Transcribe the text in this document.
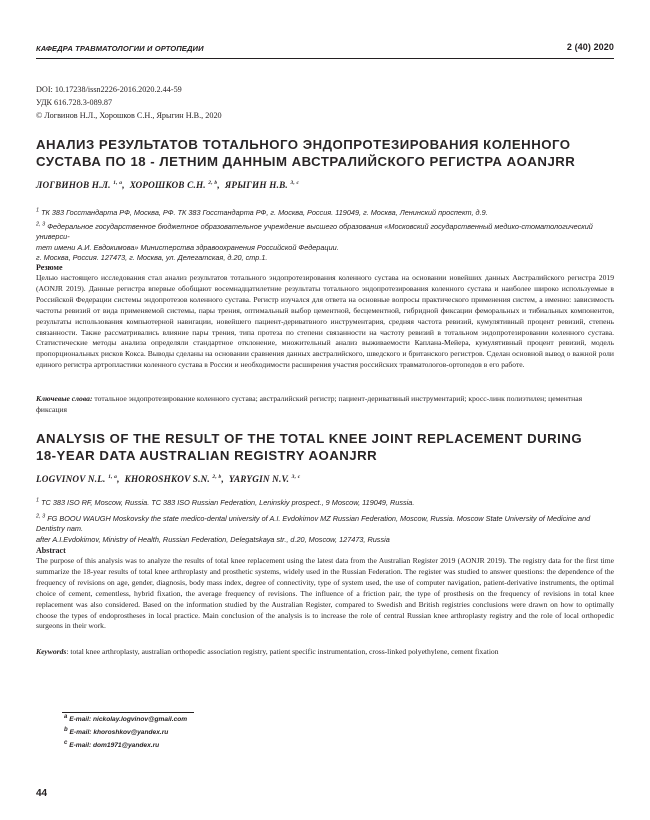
КАФЕДРА ТРАВМАТОЛОГИИ И ОРТОПЕДИИ	2 (40) 2020
DOI: 10.17238/issn2226-2016.2020.2.44-59
УДК 616.728.3-089.87
© Логвинов Н.Л., Хорошков С.Н., Ярыгин Н.В., 2020
АНАЛИЗ РЕЗУЛЬТАТОВ ТОТАЛЬНОГО ЭНДОПРОТЕЗИРОВАНИЯ КОЛЕННОГО
СУСТАВА ПО 18 - ЛЕТНИМ ДАННЫМ АВСТРАЛИЙСКОГО РЕГИСТРА AOANJRR
ЛОГВИНОВ Н.Л. $^{1, a}$,  ХОРОШКОВ С.Н. $^{2, b}$,  ЯРЫГИН Н.В. $^{3, c}$
$^1$ ТК 383 Госстандарта РФ, Москва, РФ. ТК 383 Госстандарта РФ, г. Москва, Россия. 119049, г. Москва, Ленинский проспект, д.9.
$^{2, 3}$ Федеральное государственное бюджетное образовательное учреждение высшего образования «Московский государственный медико-стоматологический универси-
тет имени А.И. Евдокимова» Министерства здравоохранения Российской Федерации.
г. Москва, Россия. 127473, г. Москва, ул. Делегатская, д.20, стр.1.
Резюме
Целью настоящего исследования стал анализ результатов тотального эндопротезирования коленного сустава на основании новейших данных Австралийского регистра 2019 (AONJR 2019). Данные регистра впервые обобщают восемнадцатилетние результаты тотального эндопротезирования коленного сустава и наиболее широко используемые в Российской Федерации системы эндопротезов коленного сустава. Регистр изучался для ответа на основные вопросы практического применения систем, а именно: зависимость частоты ревизий от вида применяемой системы, пары трения, оптимальный выбор цементной, бесцементной, гибридной фиксации феморальных и тибиальных компонентов, результаты использования компьютерной навигации, новейшего пациент-дериватвного инструментария, средняя частота ревизий, кумулятивный процент ревизий, степень связанности. Также рассматривались влияние пары трения, типа протеза по степени связанности на частоту ревизий в тотальном эндопротезировании коленного сустава. Статистические методы анализа определяли стандартное отклонение, множительный анализ выживаемости Каплана-Мейера, кумулятивный процент ревизий, модель пропорциональных рисков Кокса. Выводы сделаны на основании сравнения данных австралийского, шведского и британского регистров. Сделан основной вывод о важной роли единого регистра артропластики коленного сустава в России и необходимости расширения участия российских травматологов-ортопедов в его работе.
Ключевые слова: тотальное эндопротезирование коленного сустава; австралийский регистр; пациент-дериватвный инструментарий; кросс-линк полиэтилен; цементная фиксация
ANALYSIS OF THE RESULT OF THE TOTAL KNEE JOINT REPLACEMENT DURING
18-YEAR DATA AUSTRALIAN REGISTRY AOANJRR
LOGVINOV N.L. $^{1, a}$,  KHOROSHKOV S.N. $^{2, b}$,  YARYGIN N.V. $^{3, c}$
$^1$ TC 383 ISO RF, Moscow, Russia. TC 383 ISO Russian Federation, Leninskiy prospect., 9 Moscow, 119049, Russia.
$^{2, 3}$ FG BOOU WAUGH Moskovsky the state medico-dental university of A.I. Evdokimov MZ Russian Federation, Moscow, Russia. Moscow State University of Medicine and Dentistry nam.
after A.I.Evdokimov, Ministry of Health, Russian Federation, Delegatskaya str., d.20, Moscow, 127473, Russia
Abstract
The purpose of this analysis was to analyze the results of total knee replacement using the latest data from the Australian Register 2019 (AONJR 2019). The registry data for the first time summarize the 18-year results of total knee arthroplasty and prosthetic systems, widely used in the Russian Federation. The register was studied to answer questions: the dependence of the frequency of revisions on age, gender, diagnosis, body mass index, degree of connectivity, type of system used, the use of computer navigation, patient-derivative instruments, the optimal choice of cement, cementless, hybrid fixation, the average frequency of revisions. The influence of a friction pair, the type of prosthesis on the frequency of revisions in total knee replacement was also considered. Based on the information studied by the Australian Register, compared to Swedish and British registries conclusions were drawn on how to optimally choose the types of endoprostheses in local practice. Main conclusion of the analysis is to increase the role of central Russian knee arthroplasty registry and the role of local orthopedic surgeons in their work.
Keywords: total knee arthroplasty, australian orthopedic association registry, patient specific instrumentation, cross-linked polyethylene, cement fixation
$^a$ E-mail: nickolay.logvinov@gmail.com
$^b$ E-mail: khoroshkov@yandex.ru
$^c$ E-mail: dom1971@yandex.ru
44
